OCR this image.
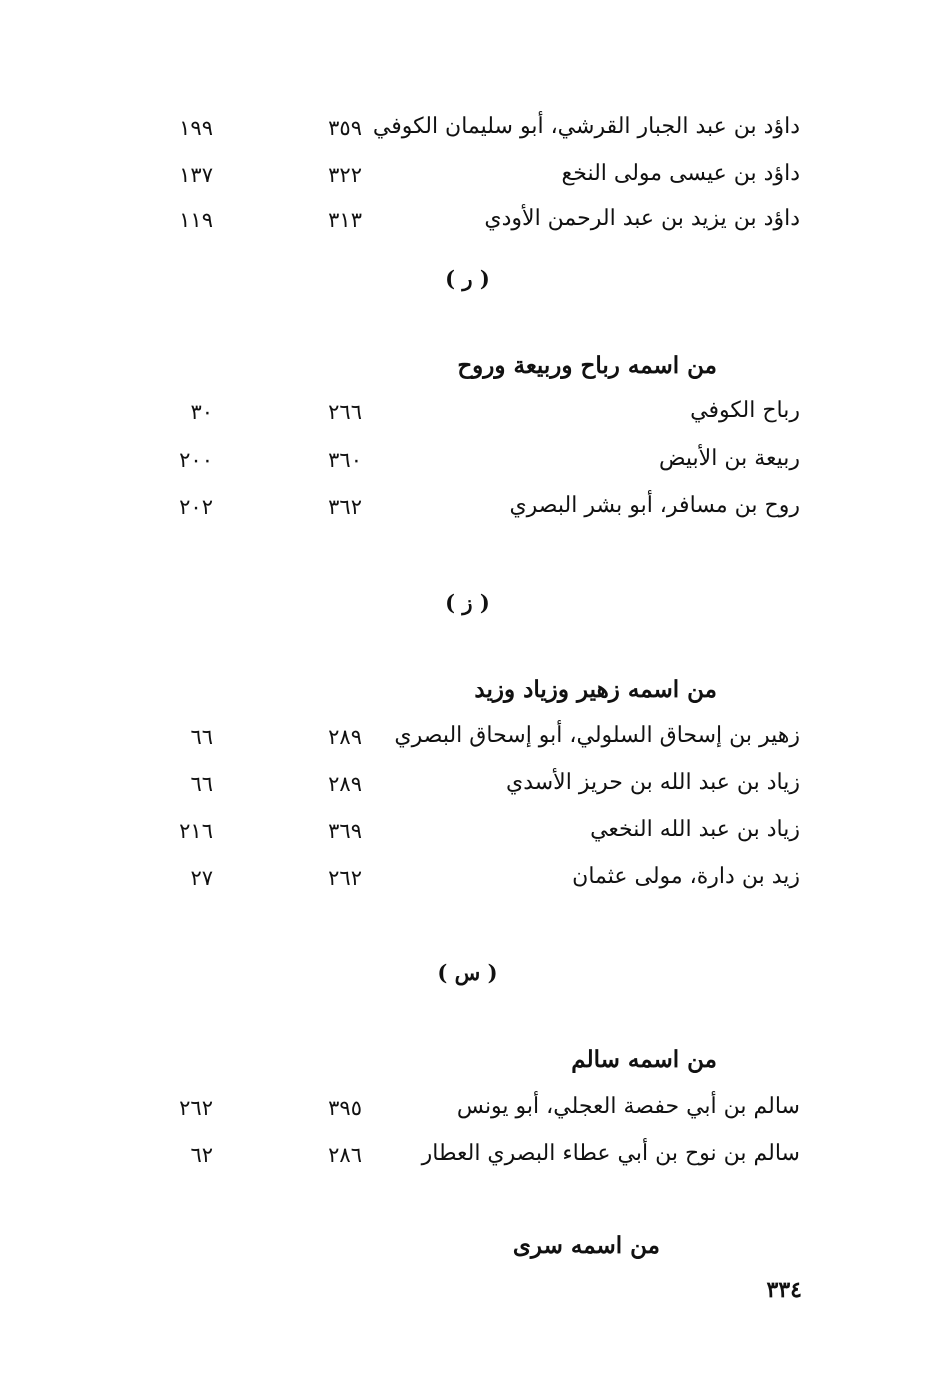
داؤد بن عبد الجبار القرشي، أبو سليمان الكوفي
٣٥٩
١٩٩
داؤد بن عيسى مولى النخع
٣٢٢
١٣٧
داؤد بن يزيد بن عبد الرحمن الأودي
٣١٣
١١٩
( ر )
من اسمه رباح وربيعة وروح
رباح الكوفي
٢٦٦
٣٠
ربيعة بن الأبيض
٣٦٠
٢٠٠
روح بن مسافر، أبو بشر البصري
٣٦٢
٢٠٢
( ز )
من اسمه زهير وزياد وزيد
زهير بن إسحاق السلولي، أبو إسحاق البصري
٢٨٩
٦٦
زياد بن عبد الله بن حريز الأسدي
٢٨٩
٦٦
زياد بن عبد الله النخعي
٣٦٩
٢١٦
زيد بن دارة، مولى عثمان
٢٦٢
٢٧
( س )
من اسمه سالم
سالم بن أبي حفصة العجلي، أبو يونس
٣٩٥
٢٦٢
سالم بن نوح بن أبي عطاء البصري العطار
٢٨٦
٦٢
من اسمه سرى
٣٣٤
